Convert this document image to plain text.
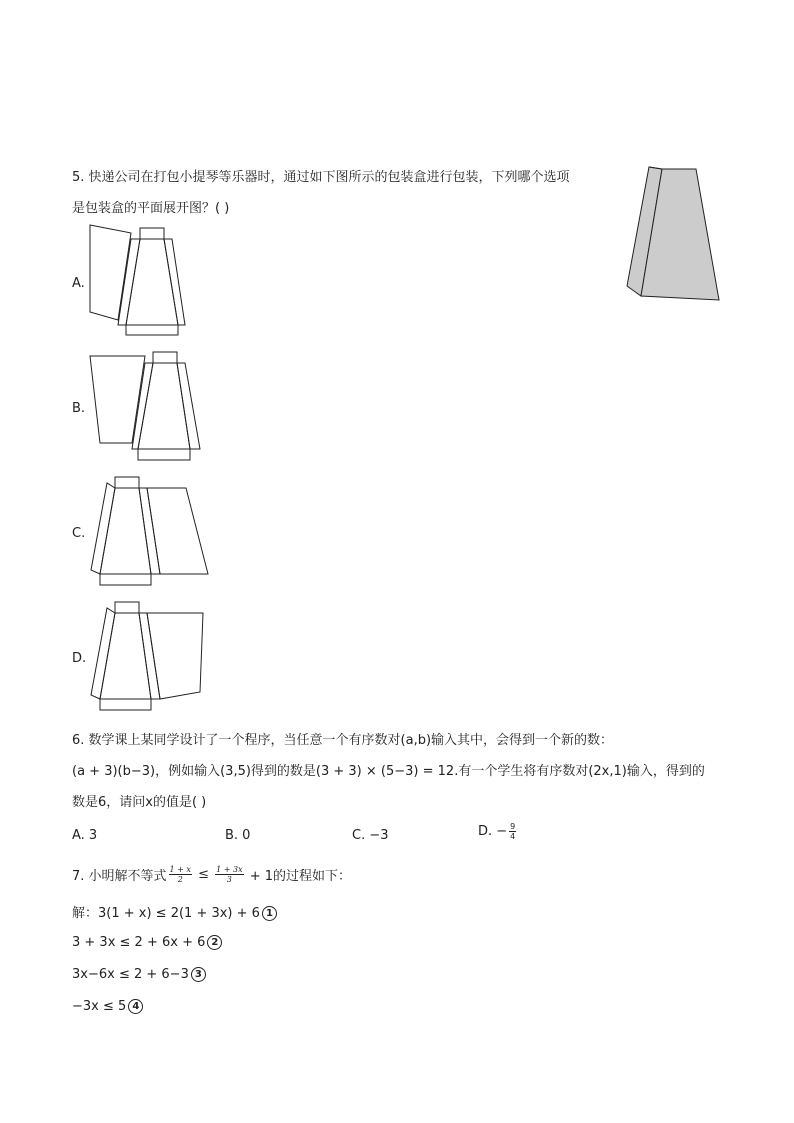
5. 快递公司在打包小提琴等乐器时，通过如下图所示的包装盒进行包装，下列哪个选项
是包装盒的平面展开图？( )
A.
B.
C.
D.
6. 数学课上某同学设计了一个程序，当任意一个有序数对(a,b)输入其中，会得到一个新的数：
(a + 3)(b−3)，例如输入(3,5)得到的数是(3 + 3) × (5−3) = 12.有一个学生将有序数对(2x,1)输入，得到的
数是6，请问x的值是( )
A. 3	B. 0	C. −3	D. − $\frac{9}{4}$
7. 小明解不等式 $\frac{1 + x}{2} \le \frac{1 + 3x}{3} + 1$的过程如下：
解：3(1 + x) ≤ 2(1 + 3x) + 6 1
3 + 3x ≤ 2 + 6x + 6 2
3x−6x ≤ 2 + 6−3 3
−3x ≤ 5 4
